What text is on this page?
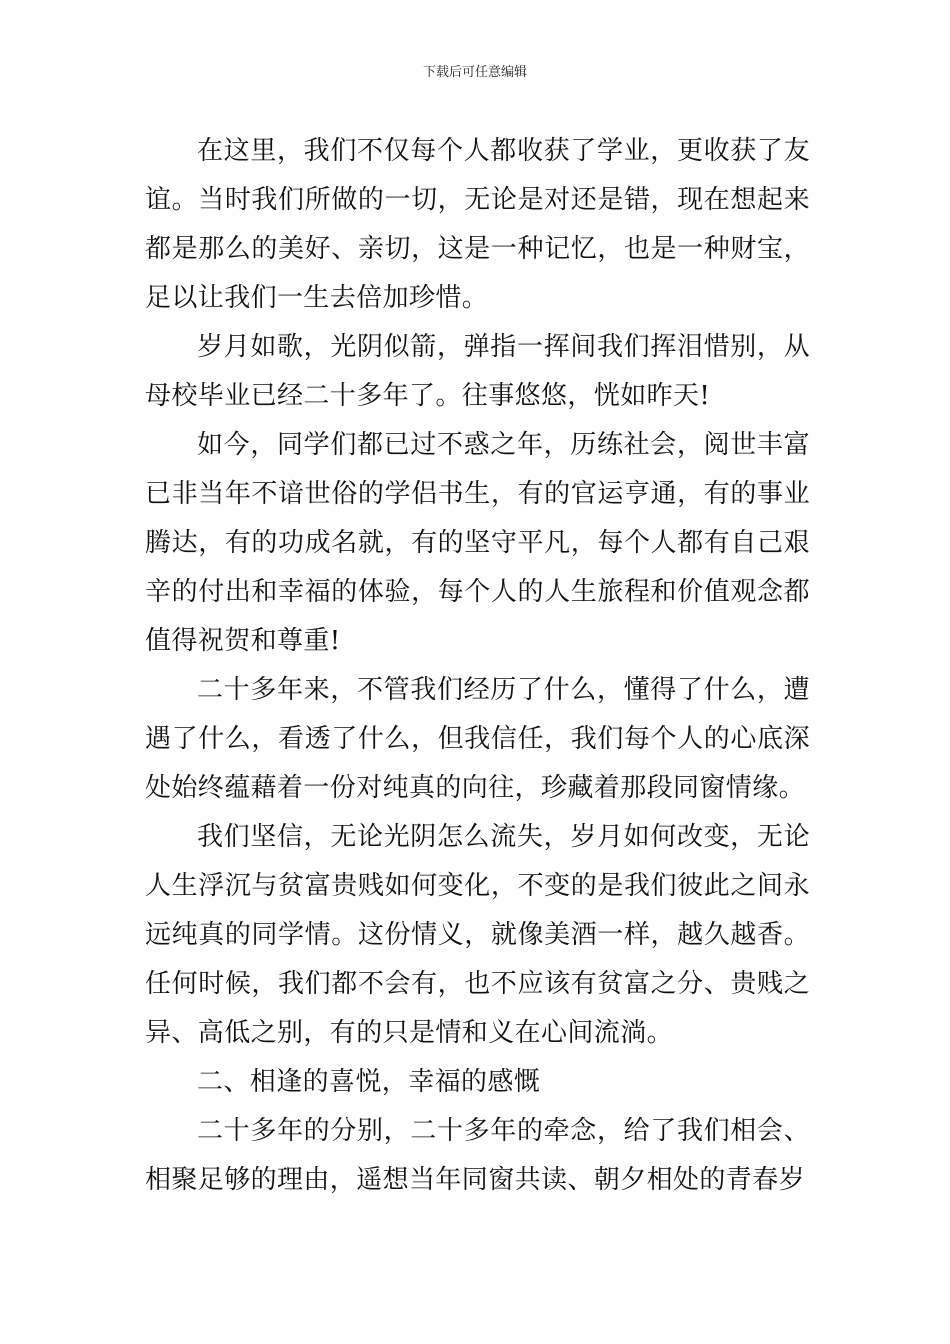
下载后可任意编辑

在这里，我们不仅每个人都收获了学业，更收获了友谊。当时我们所做的一切，无论是对还是错，现在想起来都是那么的美好、亲切，这是一种记忆，也是一种财宝，足以让我们一生去倍加珍惜。

岁月如歌，光阴似箭，弹指一挥间我们挥泪惜别，从母校毕业已经二十多年了。往事悠悠，恍如昨天!

如今，同学们都已过不惑之年，历练社会，阅世丰富已非当年不谙世俗的学侣书生，有的官运亨通，有的事业腾达，有的功成名就，有的坚守平凡，每个人都有自己艰辛的付出和幸福的体验，每个人的人生旅程和价值观念都值得祝贺和尊重!

二十多年来，不管我们经历了什么，懂得了什么，遭遇了什么，看透了什么，但我信任，我们每个人的心底深处始终蕴藉着一份对纯真的向往，珍藏着那段同窗情缘。

我们坚信，无论光阴怎么流失，岁月如何改变，无论人生浮沉与贫富贵贱如何变化，不变的是我们彼此之间永远纯真的同学情。这份情义，就像美酒一样，越久越香。任何时候，我们都不会有，也不应该有贫富之分、贵贱之异、高低之别，有的只是情和义在心间流淌。

二、相逢的喜悦，幸福的感慨

二十多年的分别，二十多年的牵念，给了我们相会、相聚足够的理由，遥想当年同窗共读、朝夕相处的青春岁
